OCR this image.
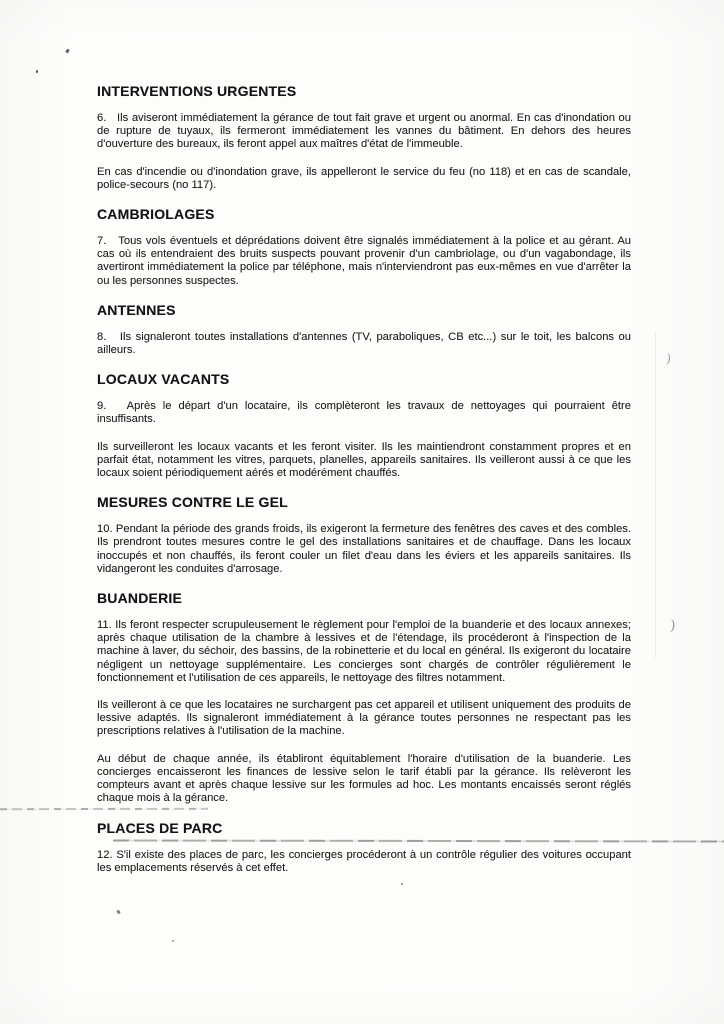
INTERVENTIONS URGENTES

6.   Ils aviseront immédiatement la gérance de tout fait grave et urgent ou anormal. En cas d'inondation ou de rupture de tuyaux, ils fermeront immédiatement les vannes du bâtiment. En dehors des heures d'ouverture des bureaux, ils feront appel aux maîtres d'état de l'immeuble.

En cas d'incendie ou d'inondation grave, ils appelleront le service du feu (no 118) et en cas de scandale, police-secours (no 117).

CAMBRIOLAGES

7.   Tous vols éventuels et déprédations doivent être signalés immédiatement à la police et au gérant. Au cas où ils entendraient des bruits suspects pouvant provenir d'un cambriolage, ou d'un vagabondage, ils avertiront immédiatement la police par téléphone, mais n'interviendront pas eux-mêmes en vue d'arrêter la ou les personnes suspectes.

ANTENNES

8.   Ils signaleront toutes installations d'antennes (TV, paraboliques, CB etc...) sur le toit, les balcons ou ailleurs.

LOCAUX VACANTS

9.   Après le départ d'un locataire, ils complèteront les travaux de nettoyages qui pourraient être insuffisants.

Ils surveilleront les locaux vacants et les feront visiter. Ils les maintiendront constamment propres et en parfait état, notamment les vitres, parquets, planelles, appareils sanitaires. Ils veilleront aussi à ce que les locaux soient périodiquement aérés et modérément chauffés.

MESURES CONTRE LE GEL

10. Pendant la période des grands froids, ils exigeront la fermeture des fenêtres des caves et des combles. Ils prendront toutes mesures contre le gel des installations sanitaires et de chauffage. Dans les locaux inoccupés et non chauffés, ils feront couler un filet d'eau dans les éviers et les appareils sanitaires. Ils vidangeront les conduites d'arrosage.

BUANDERIE

11. Ils feront respecter scrupuleusement le règlement pour l'emploi de la buanderie et des locaux annexes; après chaque utilisation de la chambre à lessives et de l'étendage, ils procéderont à l'inspection de la machine à laver, du séchoir, des bassins, de la robinetterie et du local en général. Ils exigeront du locataire négligent un nettoyage supplémentaire. Les concierges sont chargés de contrôler régulièrement le fonctionnement et l'utilisation de ces appareils, le nettoyage des filtres notamment.

Ils veilleront à ce que les locataires ne surchargent pas cet appareil et utilisent uniquement des produits de lessive adaptés. Ils signaleront immédiatement à la gérance toutes personnes ne respectant pas les prescriptions relatives à l'utilisation de la machine.

Au début de chaque année, ils établiront équitablement l'horaire d'utilisation de la buanderie. Les concierges encaisseront les finances de lessive selon le tarif établi par la gérance. Ils relèveront les compteurs avant et après chaque lessive sur les formules ad hoc. Les montants encaissés seront réglés chaque mois à la gérance.

PLACES DE PARC

12. S'il existe des places de parc, les concierges procéderont à un contrôle régulier des voitures occupant les emplacements réservés à cet effet.

)
)
